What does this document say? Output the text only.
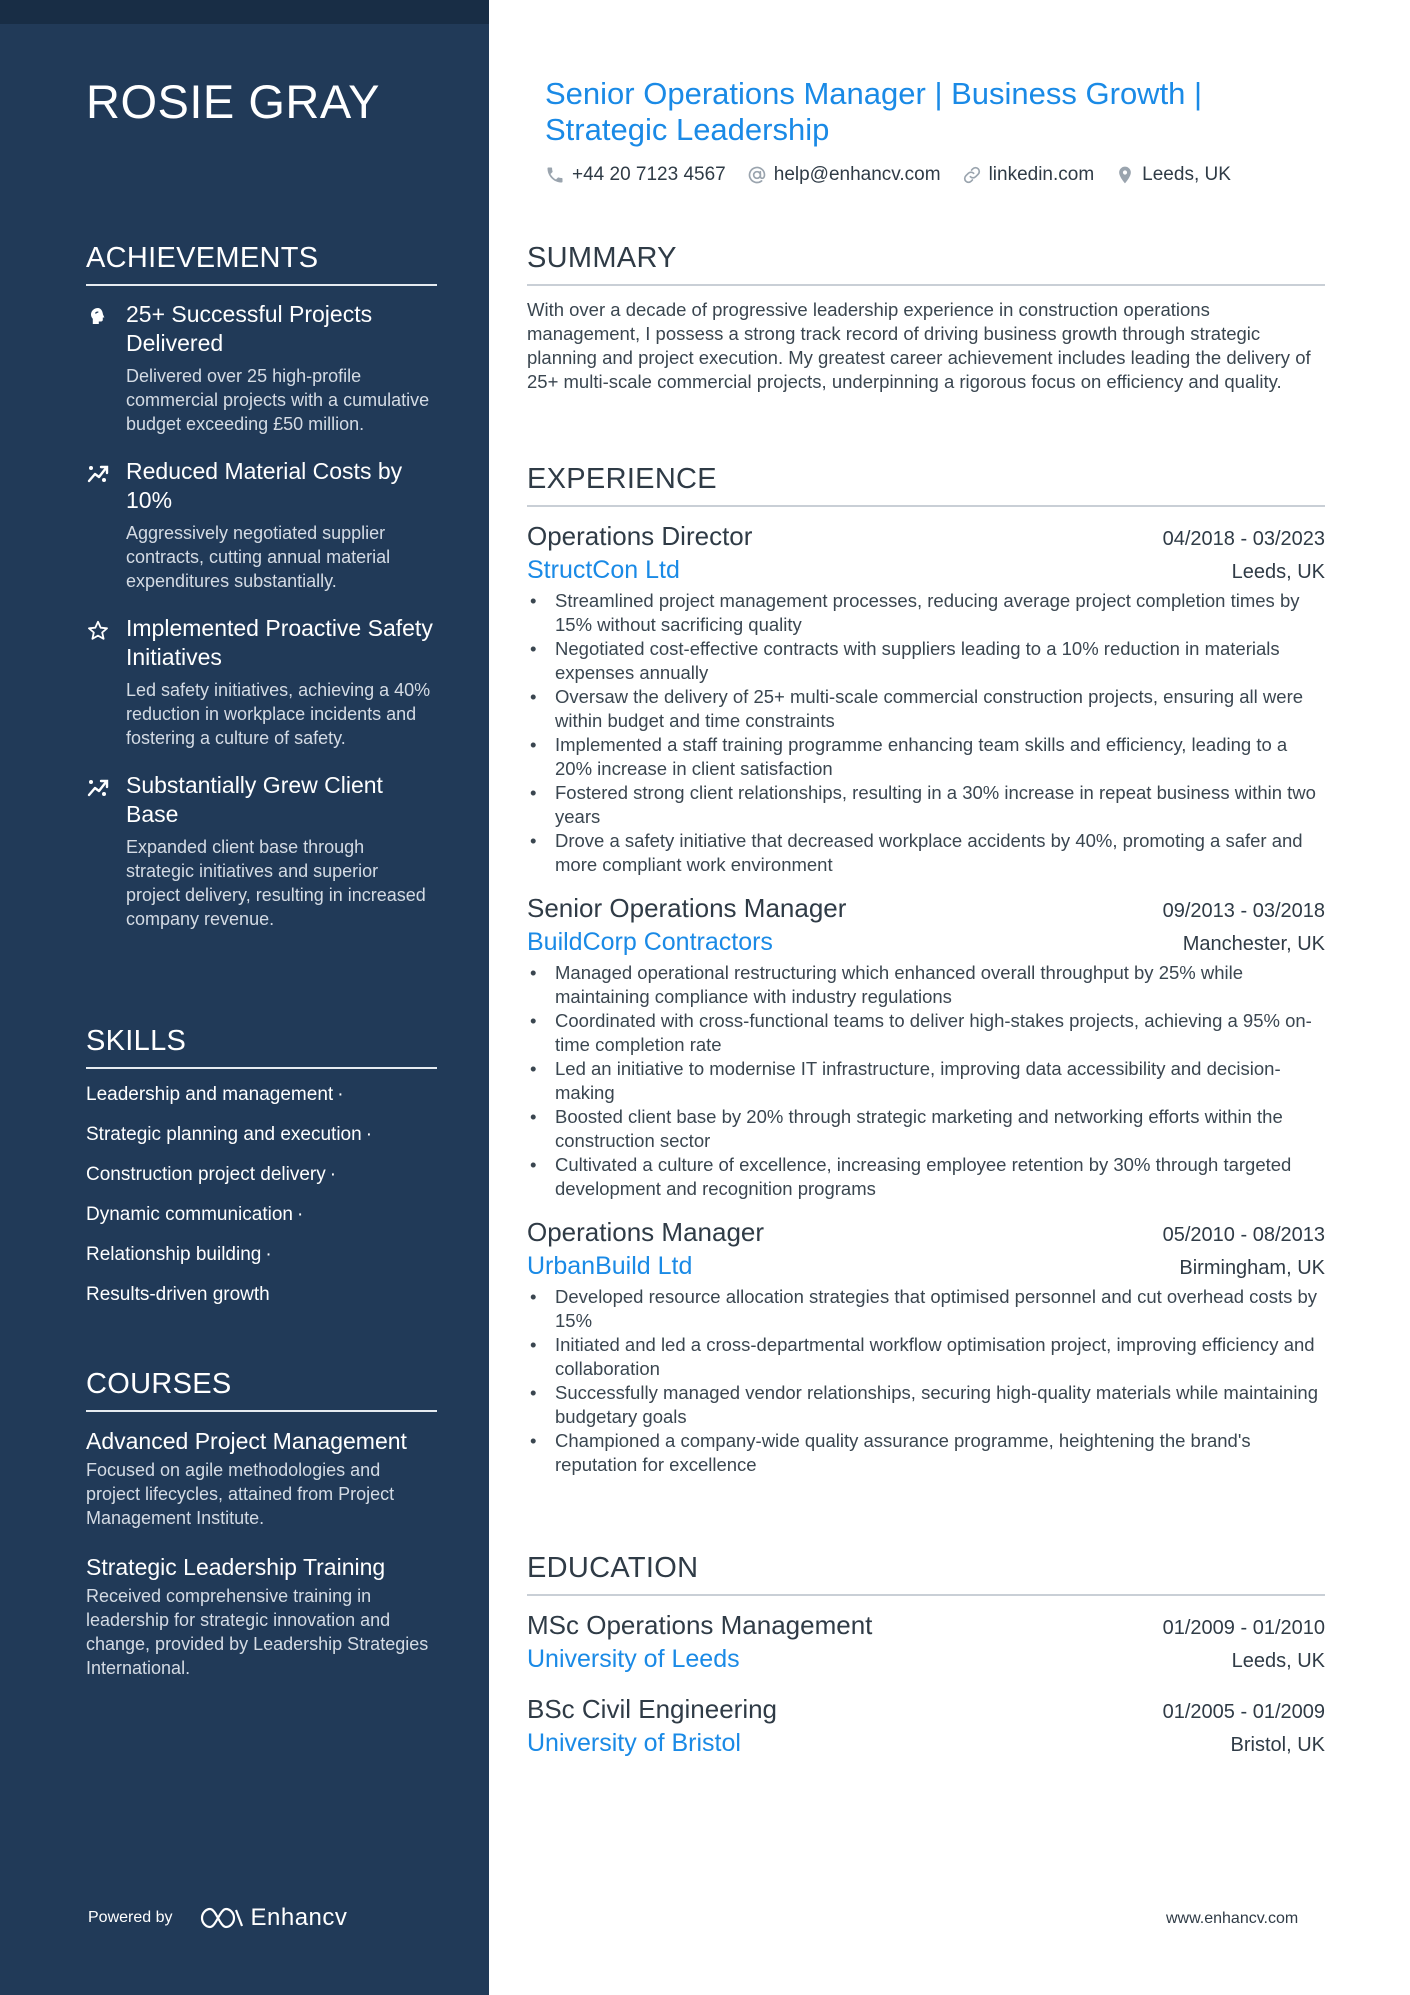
ROSIE GRAY
ACHIEVEMENTS
25+ Successful Projects Delivered
Delivered over 25 high-profile commercial projects with a cumulative budget exceeding £50 million.
Reduced Material Costs by 10%
Aggressively negotiated supplier contracts, cutting annual material expenditures substantially.
Implemented Proactive Safety Initiatives
Led safety initiatives, achieving a 40% reduction in workplace incidents and fostering a culture of safety.
Substantially Grew Client Base
Expanded client base through strategic initiatives and superior project delivery, resulting in increased company revenue.
SKILLS
Leadership and management ·
Strategic planning and execution ·
Construction project delivery ·
Dynamic communication ·
Relationship building ·
Results-driven growth
COURSES
Advanced Project Management
Focused on agile methodologies and project lifecycles, attained from Project Management Institute.
Strategic Leadership Training
Received comprehensive training in leadership for strategic innovation and change, provided by Leadership Strategies International.
Powered by	Enhancv
Senior Operations Manager | Business Growth | Strategic Leadership
+44 20 7123 4567	help@enhancv.com	linkedin.com	Leeds, UK
SUMMARY

With over a decade of progressive leadership experience in construction operations management, I possess a strong track record of driving business growth through strategic planning and project execution. My greatest career achievement includes leading the delivery of 25+ multi-scale commercial projects, underpinning a rigorous focus on efficiency and quality.

EXPERIENCE
Operations Director	04/2018 - 03/2023
StructCon Ltd	Leeds, UK
• Streamlined project management processes, reducing average project completion times by 15% without sacrificing quality
• Negotiated cost-effective contracts with suppliers leading to a 10% reduction in materials expenses annually
• Oversaw the delivery of 25+ multi-scale commercial construction projects, ensuring all were within budget and time constraints
• Implemented a staff training programme enhancing team skills and efficiency, leading to a 20% increase in client satisfaction
• Fostered strong client relationships, resulting in a 30% increase in repeat business within two years
• Drove a safety initiative that decreased workplace accidents by 40%, promoting a safer and more compliant work environment
Senior Operations Manager	09/2013 - 03/2018
BuildCorp Contractors	Manchester, UK
• Managed operational restructuring which enhanced overall throughput by 25% while maintaining compliance with industry regulations
• Coordinated with cross-functional teams to deliver high-stakes projects, achieving a 95% on-time completion rate
• Led an initiative to modernise IT infrastructure, improving data accessibility and decision-making
• Boosted client base by 20% through strategic marketing and networking efforts within the construction sector
• Cultivated a culture of excellence, increasing employee retention by 30% through targeted development and recognition programs
Operations Manager	05/2010 - 08/2013
UrbanBuild Ltd	Birmingham, UK
• Developed resource allocation strategies that optimised personnel and cut overhead costs by 15%
• Initiated and led a cross-departmental workflow optimisation project, improving efficiency and collaboration
• Successfully managed vendor relationships, securing high-quality materials while maintaining budgetary goals
• Championed a company-wide quality assurance programme, heightening the brand's reputation for excellence
EDUCATION
MSc Operations Management	01/2009 - 01/2010
University of Leeds	Leeds, UK
BSc Civil Engineering	01/2005 - 01/2009
University of Bristol	Bristol, UK
www.enhancv.com
